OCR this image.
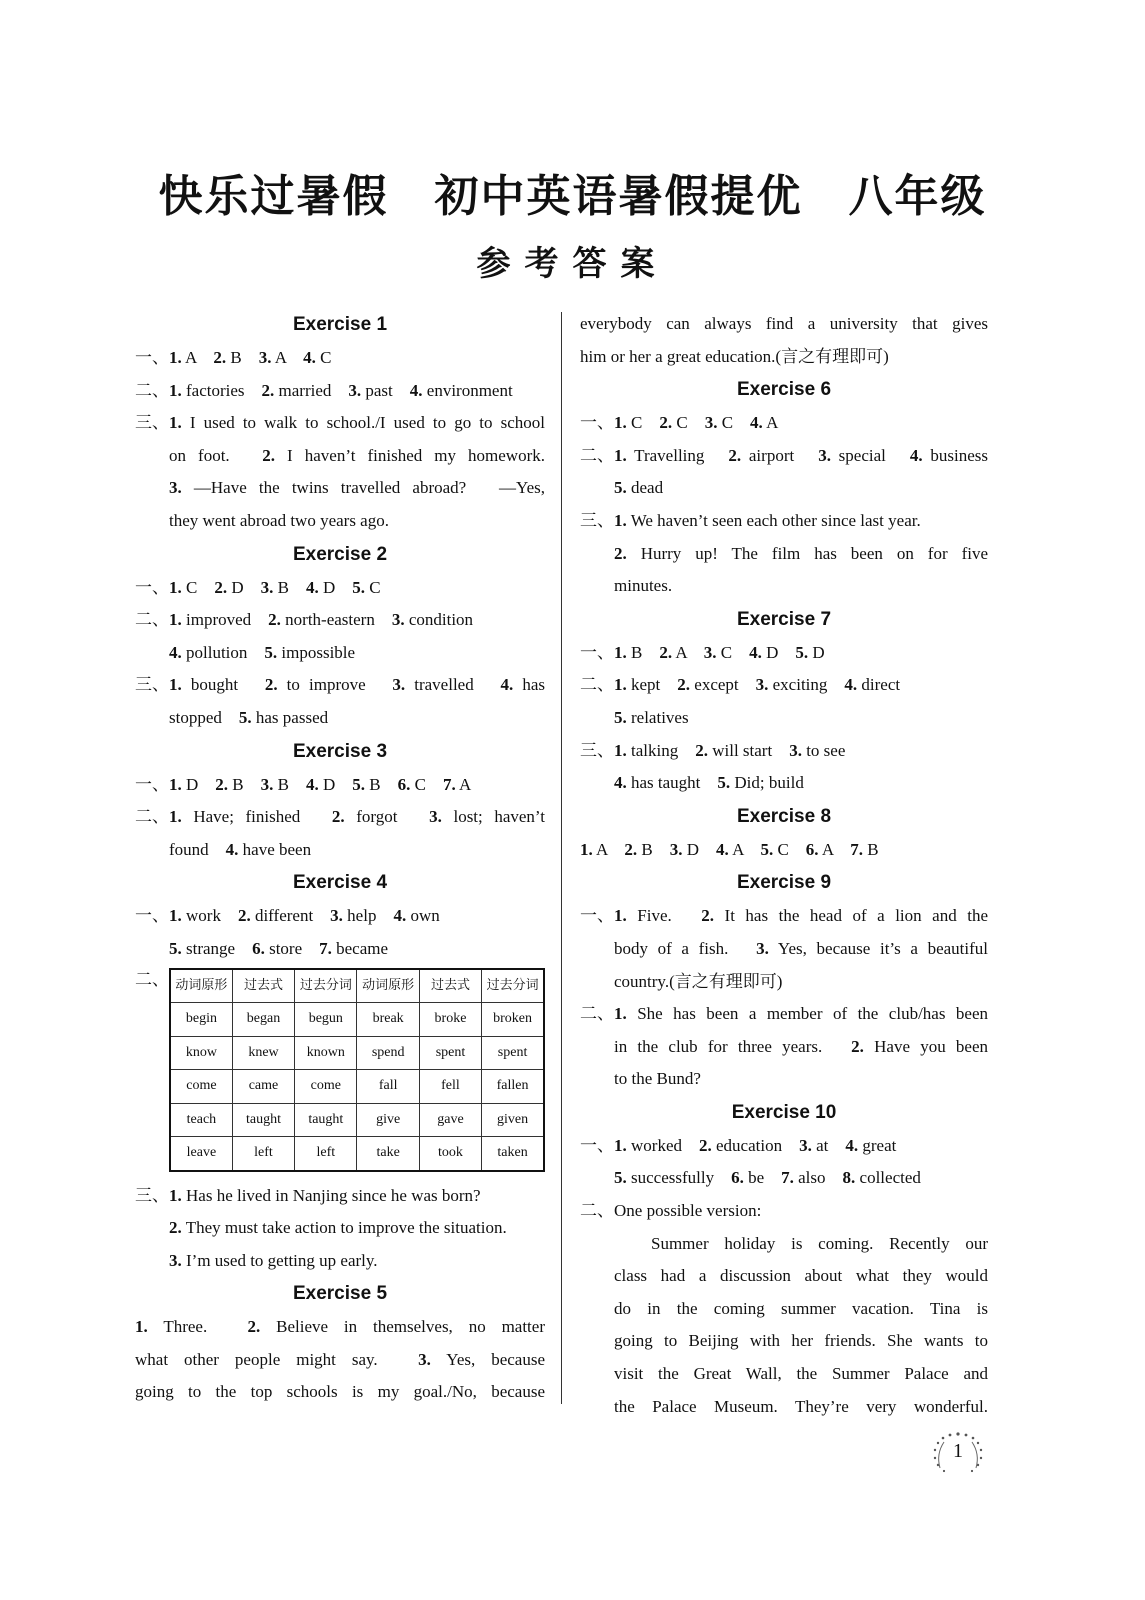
快乐过暑假　初中英语暑假提优　八年级
参考答案
Exercise 1
一、 1. A　2. B　3. A　4. C
二、 1. factories　2. married　3. past　4. environment
三、 1. I used to walk to school./I used to go to school
on foot.　2. I haven’t finished my homework.
3. —Have the twins travelled abroad?　—Yes,
they went abroad two years ago.
Exercise 2
一、 1. C　2. D　3. B　4. D　5. C
二、 1. improved　2. north-eastern　3. condition
4. pollution　5. impossible
三、 1. bought　2. to improve　3. travelled　4. has
stopped　5. has passed
Exercise 3
一、 1. D　2. B　3. B　4. D　5. B　6. C　7. A
二、 1. Have; finished　2. forgot　3. lost; haven’t
found　4. have been
Exercise 4
一、 1. work　2. different　3. help　4. own
5. strange　6. store　7. became
二、 动词原形	过去式	过去分词	动词原形	过去式	过去分词
begin	began	begun	break	broke	broken
know	knew	known	spend	spent	spent
come	came	come	fall	fell	fallen
teach	taught	taught	give	gave	given
leave	left	left	take	took	taken
三、 1. Has he lived in Nanjing since he was born?
2. They must take action to improve the situation.
3. I’m used to getting up early.
Exercise 5
1. Three.　2. Believe in themselves, no matter
what other people might say.　3. Yes, because
going to the top schools is my goal./No, because
everybody can always find a university that gives
him or her a great education.(言之有理即可)
Exercise 6
一、 1. C　2. C　3. C　4. A
二、 1. Travelling　2. airport　3. special　4. business
5. dead
三、 1. We haven’t seen each other since last year.
2. Hurry up! The film has been on for five
minutes.
Exercise 7
一、 1. B　2. A　3. C　4. D　5. D
二、 1. kept　2. except　3. exciting　4. direct
5. relatives
三、 1. talking　2. will start　3. to see
4. has taught　5. Did; build
Exercise 8
1. A　2. B　3. D　4. A　5. C　6. A　7. B
Exercise 9
一、 1. Five.　2. It has the head of a lion and the
body of a fish.　3. Yes, because it’s a beautiful
country.(言之有理即可)
二、 1. She has been a member of the club/has been
in the club for three years.　2. Have you been
to the Bund?
Exercise 10
一、 1. worked　2. education　3. at　4. great
5. successfully　6. be　7. also　8. collected
二、 One possible version:
Summer holiday is coming. Recently our
class had a discussion about what they would
do in the coming summer vacation. Tina is
going to Beijing with her friends. She wants to
visit the Great Wall, the Summer Palace and
the Palace Museum. They’re very wonderful.
1
